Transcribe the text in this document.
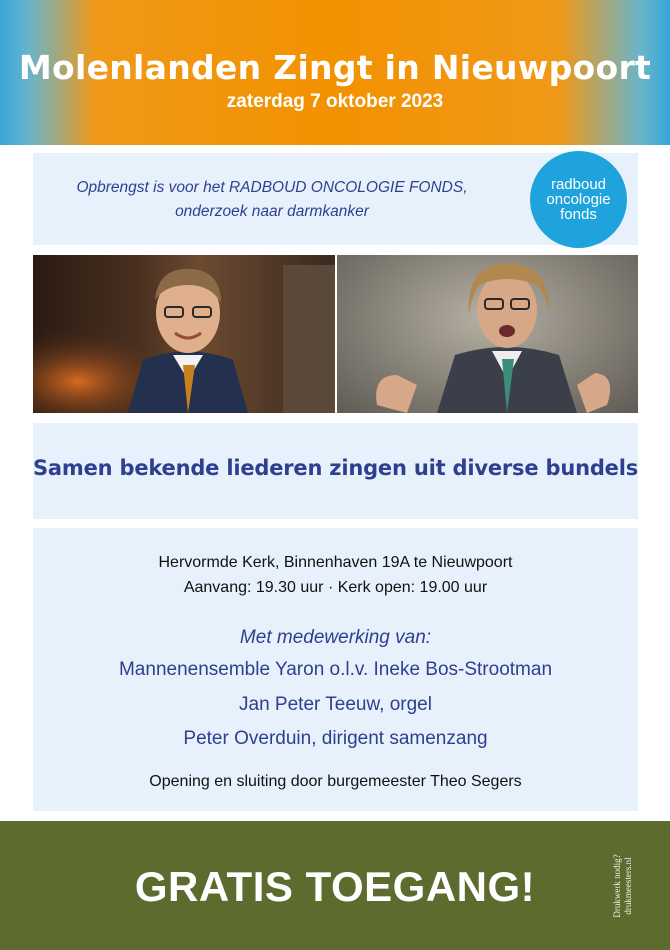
Molenlanden Zingt in Nieuwpoort
zaterdag 7 oktober 2023
Opbrengst is voor het RADBOUD ONCOLOGIE FONDS,
onderzoek naar darmkanker
radboud
oncologie
fonds
Samen bekende liederen zingen uit diverse bundels
Hervormde Kerk, Binnenhaven 19A te Nieuwpoort
Aanvang: 19.30 uur · Kerk open: 19.00 uur
Met medewerking van:
Mannenensemble Yaron o.l.v. Ineke Bos-Strootman
Jan Peter Teeuw, orgel
Peter Overduin, dirigent samenzang
Opening en sluiting door burgemeester Theo Segers
GRATIS TOEGANG!	Drukwerk nodig? drukmeesters.nl
